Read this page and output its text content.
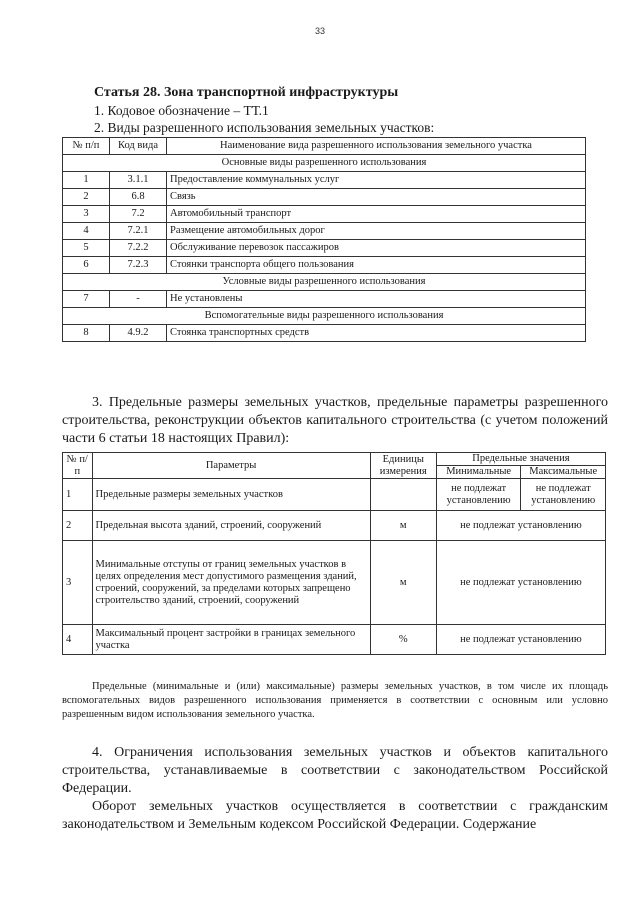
33
Статья 28. Зона транспортной инфраструктуры
1. Кодовое обозначение – ТТ.1
2. Виды разрешенного использования земельных участков:
№ п/п	Код вида	Наименование вида разрешенного использования земельного участка
Основные виды разрешенного использования		
1	3.1.1	Предоставление коммунальных услуг
2	6.8	Связь
3	7.2	Автомобильный транспорт
4	7.2.1	Размещение автомобильных дорог
5	7.2.2	Обслуживание перевозок пассажиров
6	7.2.3	Стоянки транспорта общего пользования
Условные виды разрешенного использования		
7	-	Не установлены
Вспомогательные виды разрешенного использования		
8	4.9.2	Стоянка транспортных средств
3. Предельные размеры земельных участков, предельные параметры разрешенного строительства, реконструкции объектов капитального строительства (с учетом положений части 6 статьи 18 настоящих Правил):
№ п/п	Параметры	Единицы измерения	Предельные значения	
			Минимальные	Максимальные
1	Предельные размеры земельных участков		не подлежат установлению	не подлежат установлению
2	Предельная высота зданий, строений, сооружений	м	не подлежат установлению	
3	Минимальные отступы от границ земельных участков в целях определения мест допустимого размещения зданий, строений, сооружений, за пределами которых запрещено строительство зданий, строений, сооружений	м	не подлежат установлению	
4	Максимальный процент застройки в границах земельного участка	%	не подлежат установлению	
Предельные (минимальные и (или) максимальные) размеры земельных участков, в том числе их площадь вспомогательных видов разрешенного использования применяется в соответствии с основным или условно разрешенным видом использования земельного участка.
4. Ограничения использования земельных участков и объектов капитального строительства, устанавливаемые в соответствии с законодательством Российской Федерации.
Оборот земельных участков осуществляется в соответствии с гражданским законодательством и Земельным кодексом Российской Федерации. Содержание
